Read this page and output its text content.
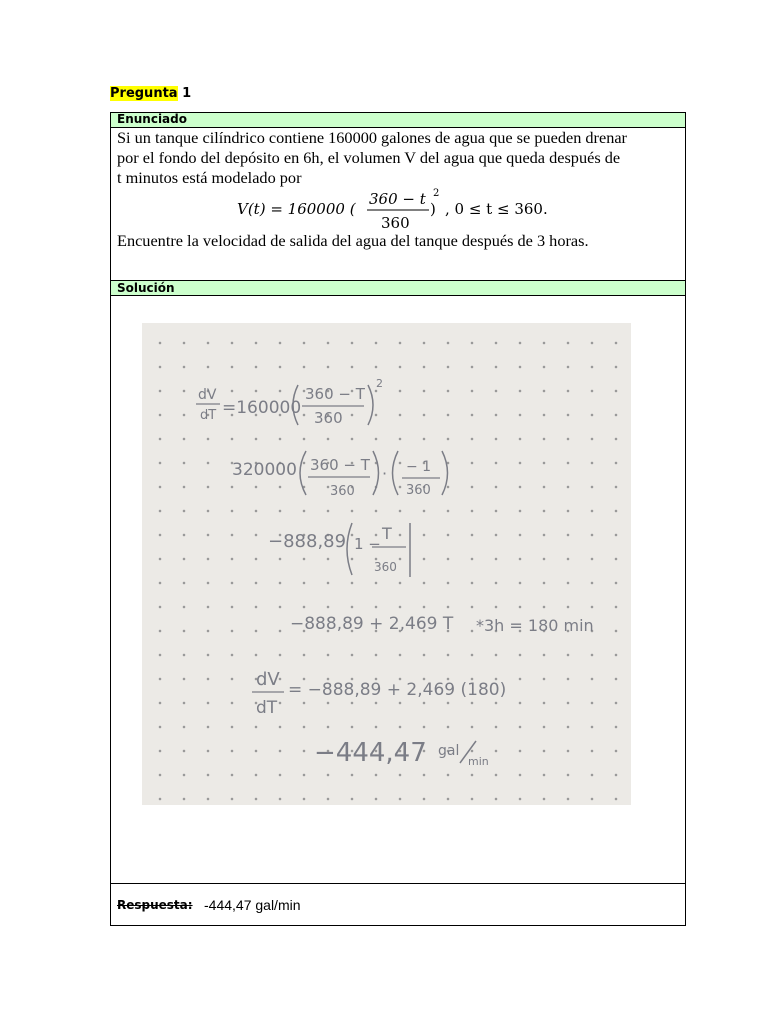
Pregunta 1
Enunciado
Si un tanque cilíndrico contiene 160000 galones de agua que se pueden drenar
por el fondo del depósito en 6h, el volumen V del agua que queda después de
t minutos está modelado por
V(t) = 160000 (
360 − t
360
)
2
, 0 ≤ t ≤ 360.
Encuentre la velocidad de salida del agua del tanque después de 3 horas.
Solución
dV
dT =160000
360 − T
360
2
320000 360 − T
360
· − 1
360
−888,89 1 −
T
360
−888,89 + 2,469 T *3h = 180 min
dV
dT
= −888,89 + 2,469 (180)
−444,47 gal
min
Respuesta: -444,47 gal/min
